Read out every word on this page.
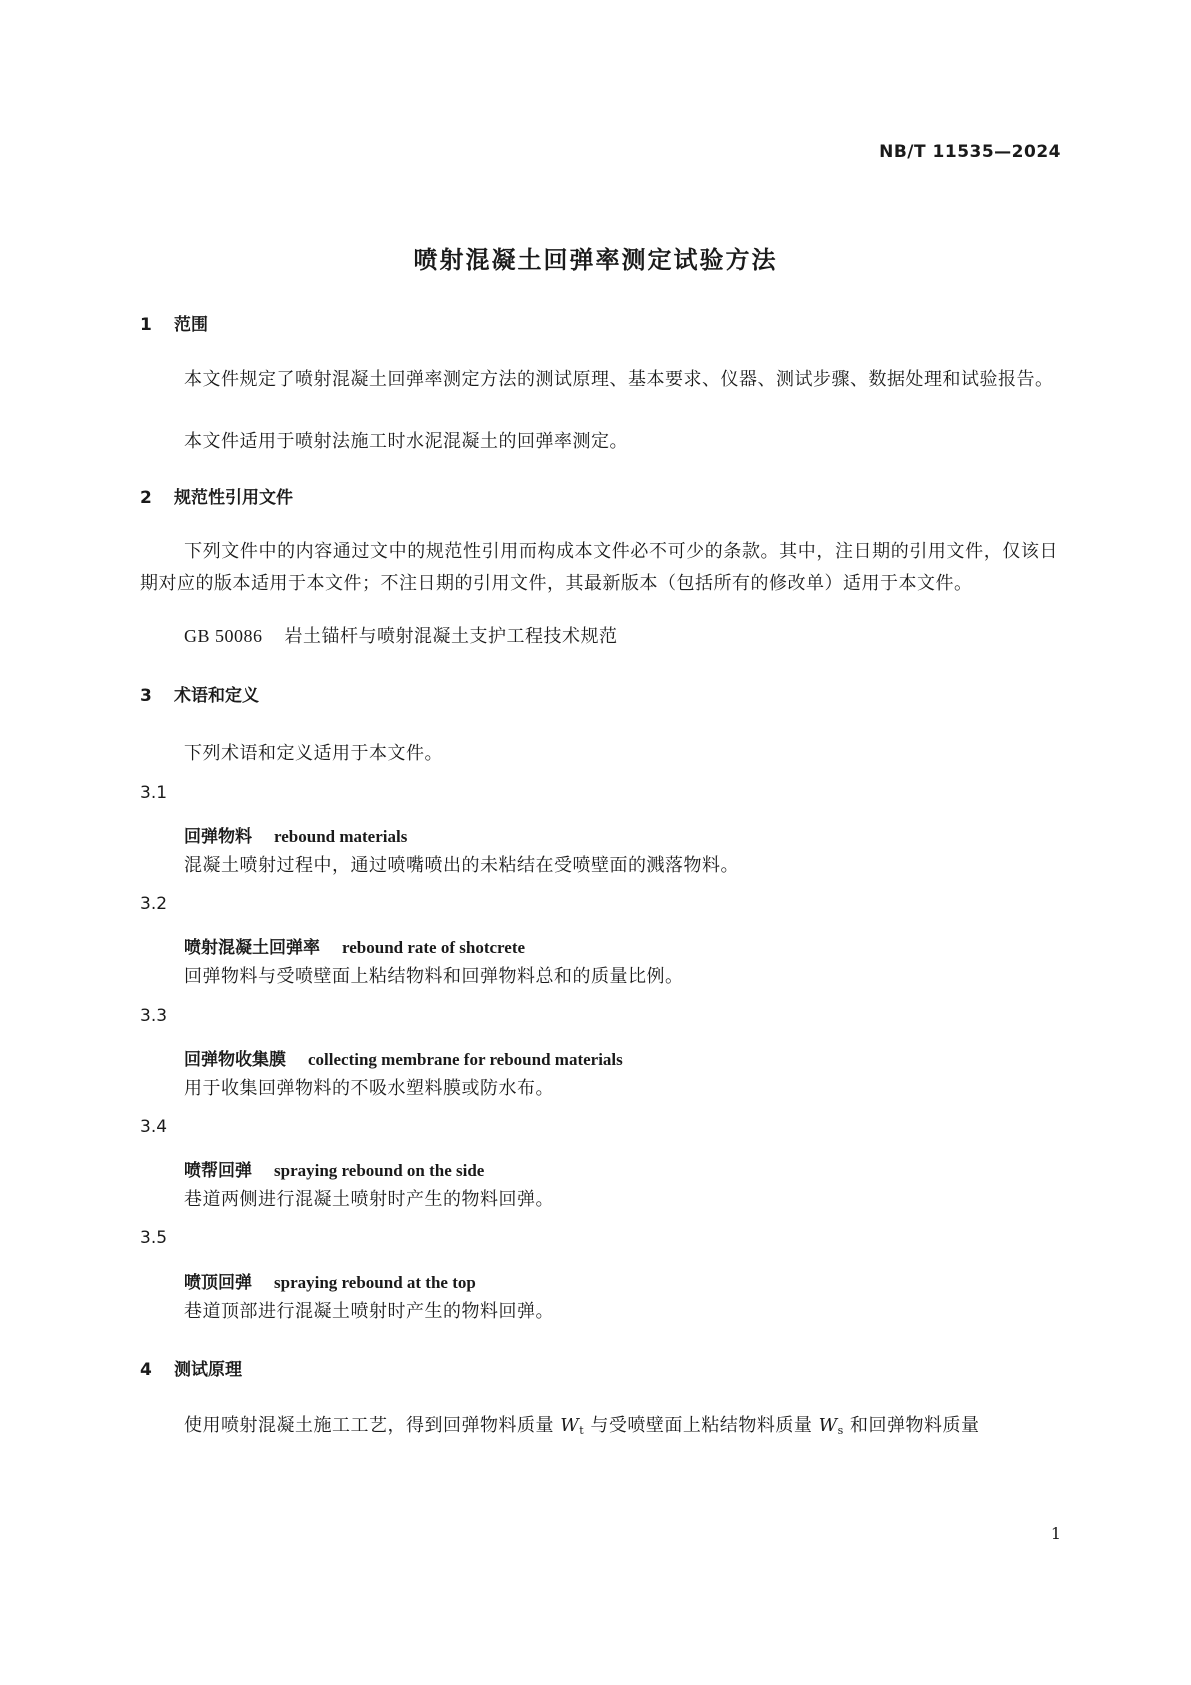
NB/T 11535—2024
喷射混凝土回弹率测定试验方法
1 范围
本文件规定了喷射混凝土回弹率测定方法的测试原理、基本要求、仪器、测试步骤、数据处理和试验报告。
本文件适用于喷射法施工时水泥混凝土的回弹率测定。
2 规范性引用文件
下列文件中的内容通过文中的规范性引用而构成本文件必不可少的条款。其中，注日期的引用文件，仅该日期对应的版本适用于本文件；不注日期的引用文件，其最新版本（包括所有的修改单）适用于本文件。
GB 50086 岩土锚杆与喷射混凝土支护工程技术规范
3 术语和定义
下列术语和定义适用于本文件。
3.1
回弹物料 rebound materials
混凝土喷射过程中，通过喷嘴喷出的未粘结在受喷壁面的溅落物料。
3.2
喷射混凝土回弹率 rebound rate of shotcrete
回弹物料与受喷壁面上粘结物料和回弹物料总和的质量比例。
3.3
回弹物收集膜 collecting membrane for rebound materials
用于收集回弹物料的不吸水塑料膜或防水布。
3.4
喷帮回弹 spraying rebound on the side
巷道两侧进行混凝土喷射时产生的物料回弹。
3.5
喷顶回弹 spraying rebound at the top
巷道顶部进行混凝土喷射时产生的物料回弹。
4 测试原理
使用喷射混凝土施工工艺，得到回弹物料质量 $W_t$ 与受喷壁面上粘结物料质量 $W_s$ 和回弹物料质量
1
